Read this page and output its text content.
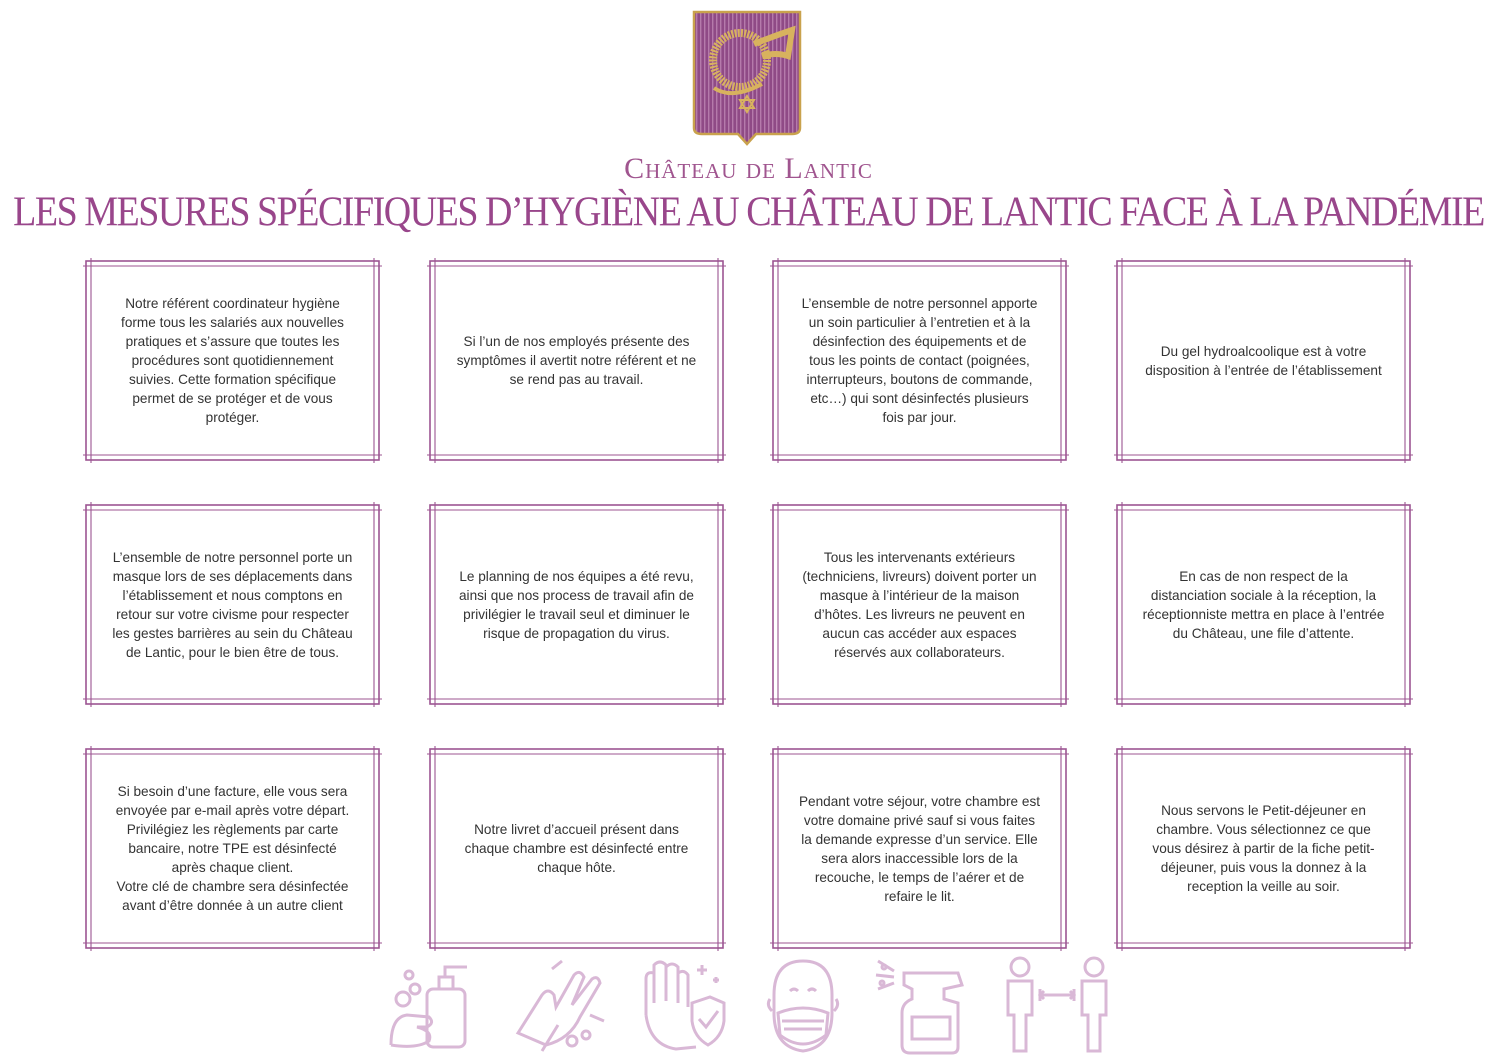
Château de Lantic
LES MESURES SPÉCIFIQUES D’HYGIÈNE AU CHÂTEAU DE LANTIC FACE À LA PANDÉMIE
Notre référent coordinateur hygiène forme tous les salariés aux nouvelles pratiques et s’assure que toutes les procédures sont quotidiennement suivies. Cette formation spécifique permet de se protéger et de vous protéger.
Si l’un de nos employés présente des symptômes il avertit notre référent et ne se rend pas au travail.
L’ensemble de notre personnel apporte un soin particulier à l’entretien et à la désinfection des équipements et de tous les points de contact (poignées, interrupteurs, boutons de commande, etc…) qui sont désinfectés plusieurs fois par jour.
Du gel hydroalcoolique est à votre disposition à l’entrée de l’établissement
L’ensemble de notre personnel porte un masque lors de ses déplacements dans l’établissement et nous comptons en retour sur votre civisme pour respecter les gestes barrières au sein du Château de Lantic, pour le bien être de tous.
Le planning de nos équipes a été revu, ainsi que nos process de travail afin de privilégier le travail seul et diminuer le risque de propagation du virus.
Tous les intervenants extérieurs (techniciens, livreurs) doivent porter un masque à l’intérieur de la maison d’hôtes. Les livreurs ne peuvent en aucun cas accéder aux espaces réservés aux collaborateurs.
En cas de non respect de la distanciation sociale à la réception, la réceptionniste mettra en place à l’entrée du Château, une file d’attente.
Si besoin d’une facture, elle vous sera envoyée par e-mail après votre départ. Privilégiez les règlements par carte bancaire, notre TPE est désinfecté après chaque client.
Votre clé de chambre sera désinfectée avant d’être donnée à un autre client
Notre livret d’accueil présent dans chaque chambre est désinfecté entre chaque hôte.
Pendant votre séjour, votre chambre est votre domaine privé sauf si vous faites la demande expresse d’un service. Elle sera alors inaccessible lors de la recouche, le temps de l’aérer et de refaire le lit.
Nous servons le Petit-déjeuner en chambre. Vous sélectionnez ce que vous désirez à partir de la fiche petit-déjeuner, puis vous la donnez à la reception la veille au soir.
